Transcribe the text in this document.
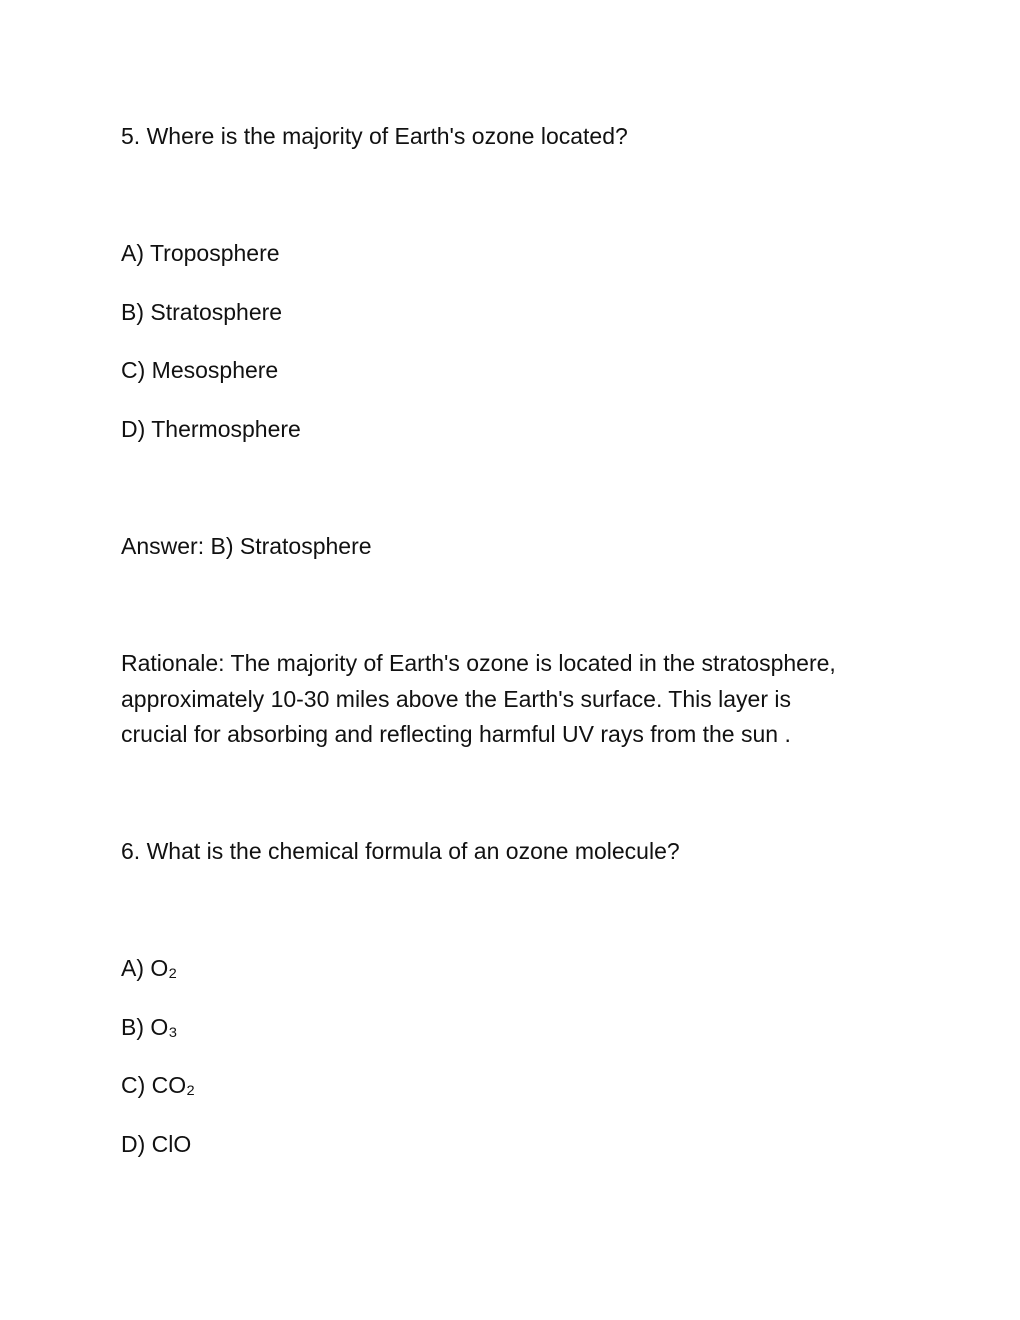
5. Where is the majority of Earth's ozone located?
A) Troposphere
B) Stratosphere
C) Mesosphere
D) Thermosphere
Answer: B) Stratosphere
Rationale: The majority of Earth's ozone is located in the stratosphere,
approximately 10-30 miles above the Earth's surface. This layer is
crucial for absorbing and reflecting harmful UV rays from the sun .
6. What is the chemical formula of an ozone molecule?
A) O₂
B) O₃
C) CO₂
D) ClO
